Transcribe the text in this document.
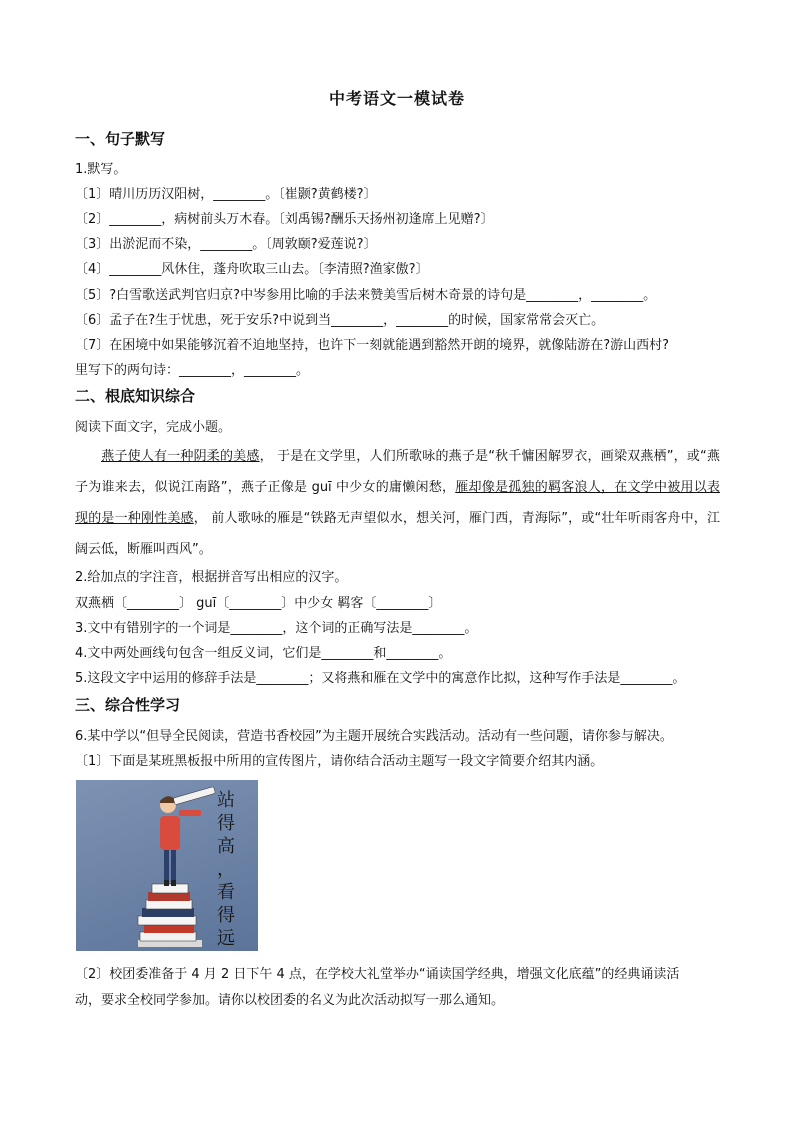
中考语文一模试卷
一、句子默写
1.默写。
〔1〕晴川历历汉阳树，________。〔崔颢?黄鹤楼?〕
〔2〕________，病树前头万木春。〔刘禹锡?酬乐天扬州初逢席上见赠?〕
〔3〕出淤泥而不染，________。〔周敦颐?爱莲说?〕
〔4〕________风休住，蓬舟吹取三山去。〔李清照?渔家傲?〕
〔5〕?白雪歌送武判官归京?中岑参用比喻的手法来赞美雪后树木奇景的诗句是________，________。
〔6〕孟子在?生于忧患，死于安乐?中说到当________，________的时候，国家常常会灭亡。
〔7〕在困境中如果能够沉着不迫地坚持，也许下一刻就能遇到豁然开朗的境界，就像陆游在?游山西村?
里写下的两句诗：________，________。
二、根底知识综合
阅读下面文字，完成小题。
燕子使人有一种阴柔的美感， 于是在文学里，人们所歌咏的燕子是“秋千慵困解罗衣，画梁双燕栖”，或“燕子为谁来去，似说江南路”，燕子正像是 guī 中少女的庸懒闲愁，雁却像是孤独的羁客浪人，在文学中被用以表现的是一种刚性美感， 前人歌咏的雁是“铁路无声望似水，想关河，雁门西，青海际”，或“壮年听雨客舟中，江阔云低，断雁叫西风”。
2.给加点的字注音，根据拼音写出相应的汉字。
双燕栖〔________〕 guī〔________〕中少女 羁客〔________〕
3.文中有错别字的一个词是________，这个词的正确写法是________。
4.文中两处画线句包含一组反义词，它们是________和________。
5.这段文字中运用的修辞手法是________；又将燕和雁在文学中的寓意作比拟，这种写作手法是________。
三、综合性学习
6.某中学以“但导全民阅读，营造书香校园”为主题开展统合实践活动。活动有一些问题，请你参与解决。
〔1〕下面是某班黑板报中所用的宣传图片，请你结合活动主题写一段文字简要介绍其内涵。
站
得
高
，
看
得
远
〔2〕校团委准备于 4 月 2 日下午 4 点，在学校大礼堂举办“诵读国学经典，增强文化底蕴”的经典诵读活
动，要求全校同学参加。请你以校团委的名义为此次活动拟写一那么通知。
